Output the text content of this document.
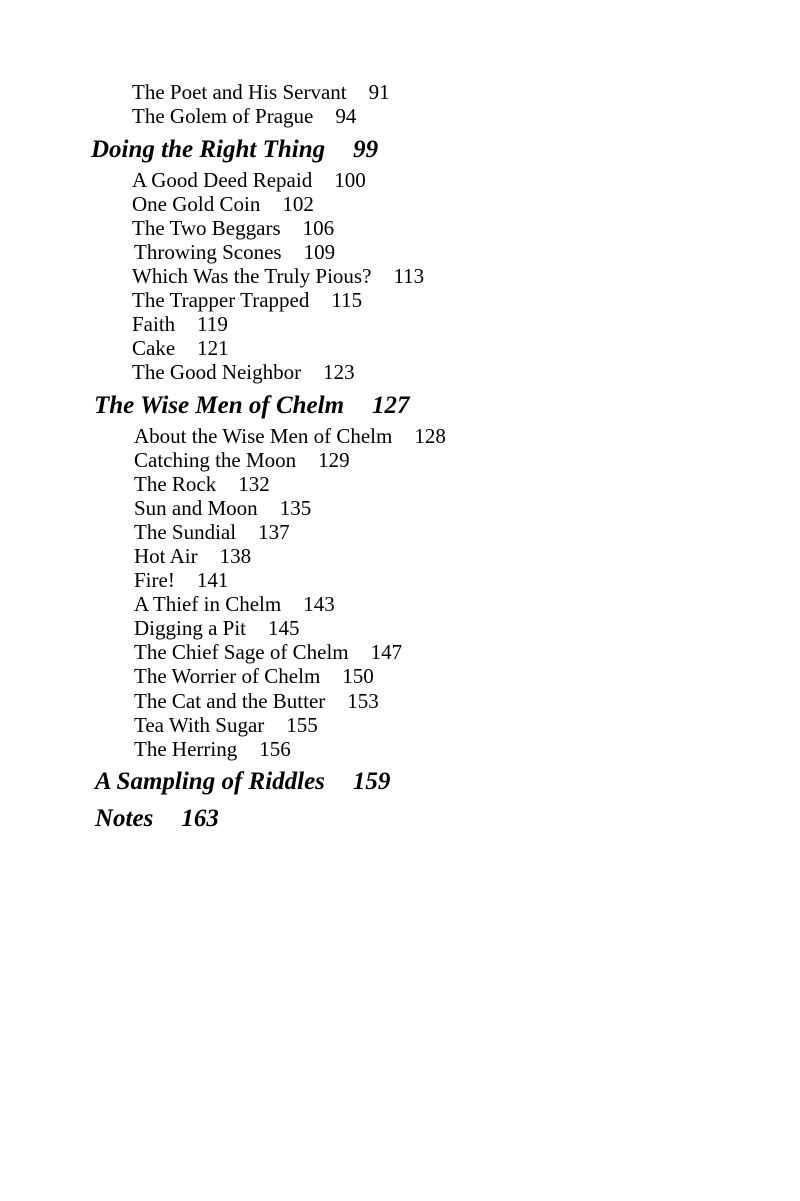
The Poet and His Servant 91
The Golem of Prague 94
Doing the Right Thing 99
A Good Deed Repaid 100
One Gold Coin 102
The Two Beggars 106
Throwing Scones 109
Which Was the Truly Pious? 113
The Trapper Trapped 115
Faith 119
Cake 121
The Good Neighbor 123
The Wise Men of Chelm 127
About the Wise Men of Chelm 128
Catching the Moon 129
The Rock 132
Sun and Moon 135
The Sundial 137
Hot Air 138
Fire! 141
A Thief in Chelm 143
Digging a Pit 145
The Chief Sage of Chelm 147
The Worrier of Chelm 150
The Cat and the Butter 153
Tea With Sugar 155
The Herring 156
A Sampling of Riddles 159
Notes 163
